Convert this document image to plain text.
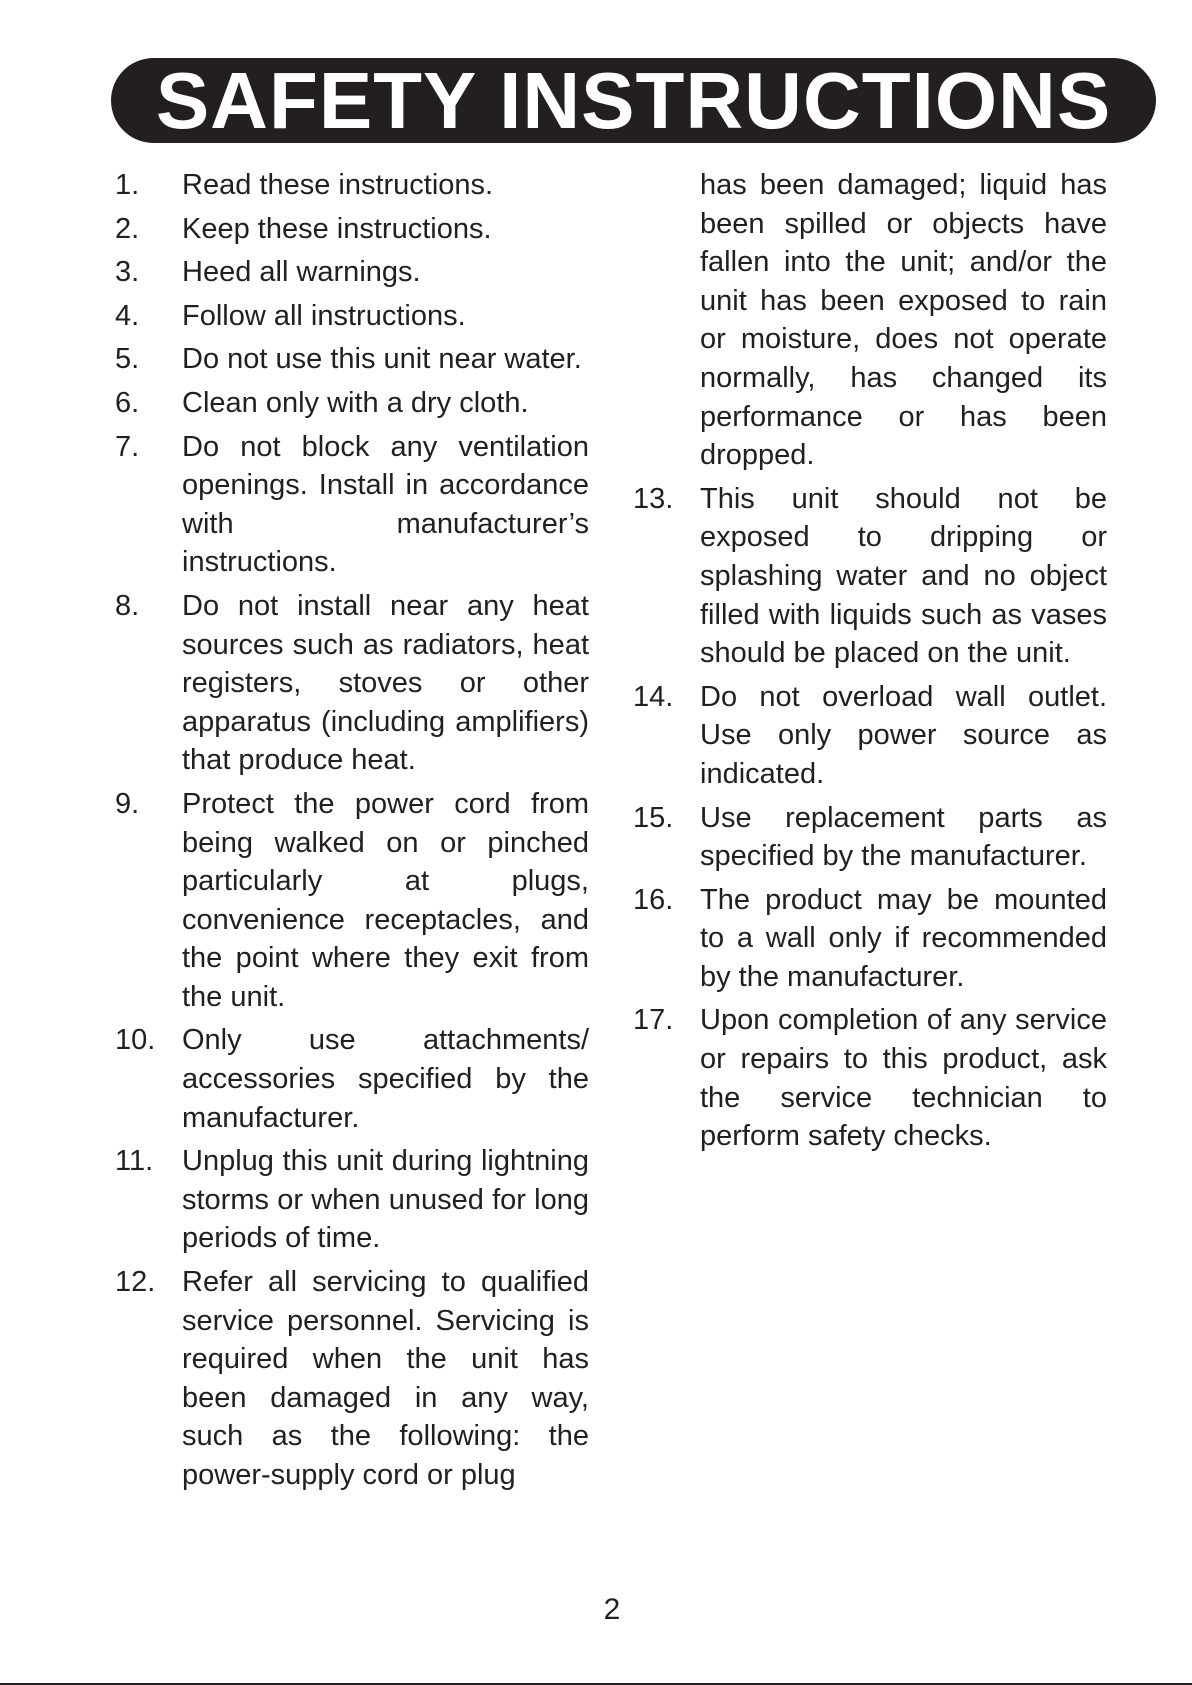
SAFETY INSTRUCTIONS
1.	Read these instructions.
2.	Keep these instructions.
3.	Heed all warnings.
4.	Follow all instructions.
5.	Do not use this unit near water.
6.	Clean only with a dry cloth.
7.	Do not block any ventilation openings. Install in accordance with manufacturer’s instructions.
8.	Do not install near any heat sources such as radiators, heat registers, stoves or other apparatus (including amplifiers) that produce heat.
9.	Protect the power cord from being walked on or pinched particularly at plugs, convenience receptacles, and the point where they exit from the unit.
10. Only use attachments/ accessories specified by the manufacturer.
11. Unplug this unit during lightning storms or when unused for long periods of time.
12. Refer all servicing to qualified service personnel. Servicing is required when the unit has been damaged in any way, such as the following: the power-supply cord or plug
has been damaged; liquid has been spilled or objects have fallen into the unit; and/or the unit has been exposed to rain or moisture, does not operate normally, has changed its performance or has been dropped.
13. This unit should not be exposed to dripping or splashing water and no object filled with liquids such as vases should be placed on the unit.
14. Do not overload wall outlet. Use only power source as indicated.
15. Use replacement parts as specified by the manufacturer.
16. The product may be mounted to a wall only if recommended by the manufacturer.
17. Upon completion of any service or repairs to this product, ask the service technician to perform safety checks.
2
